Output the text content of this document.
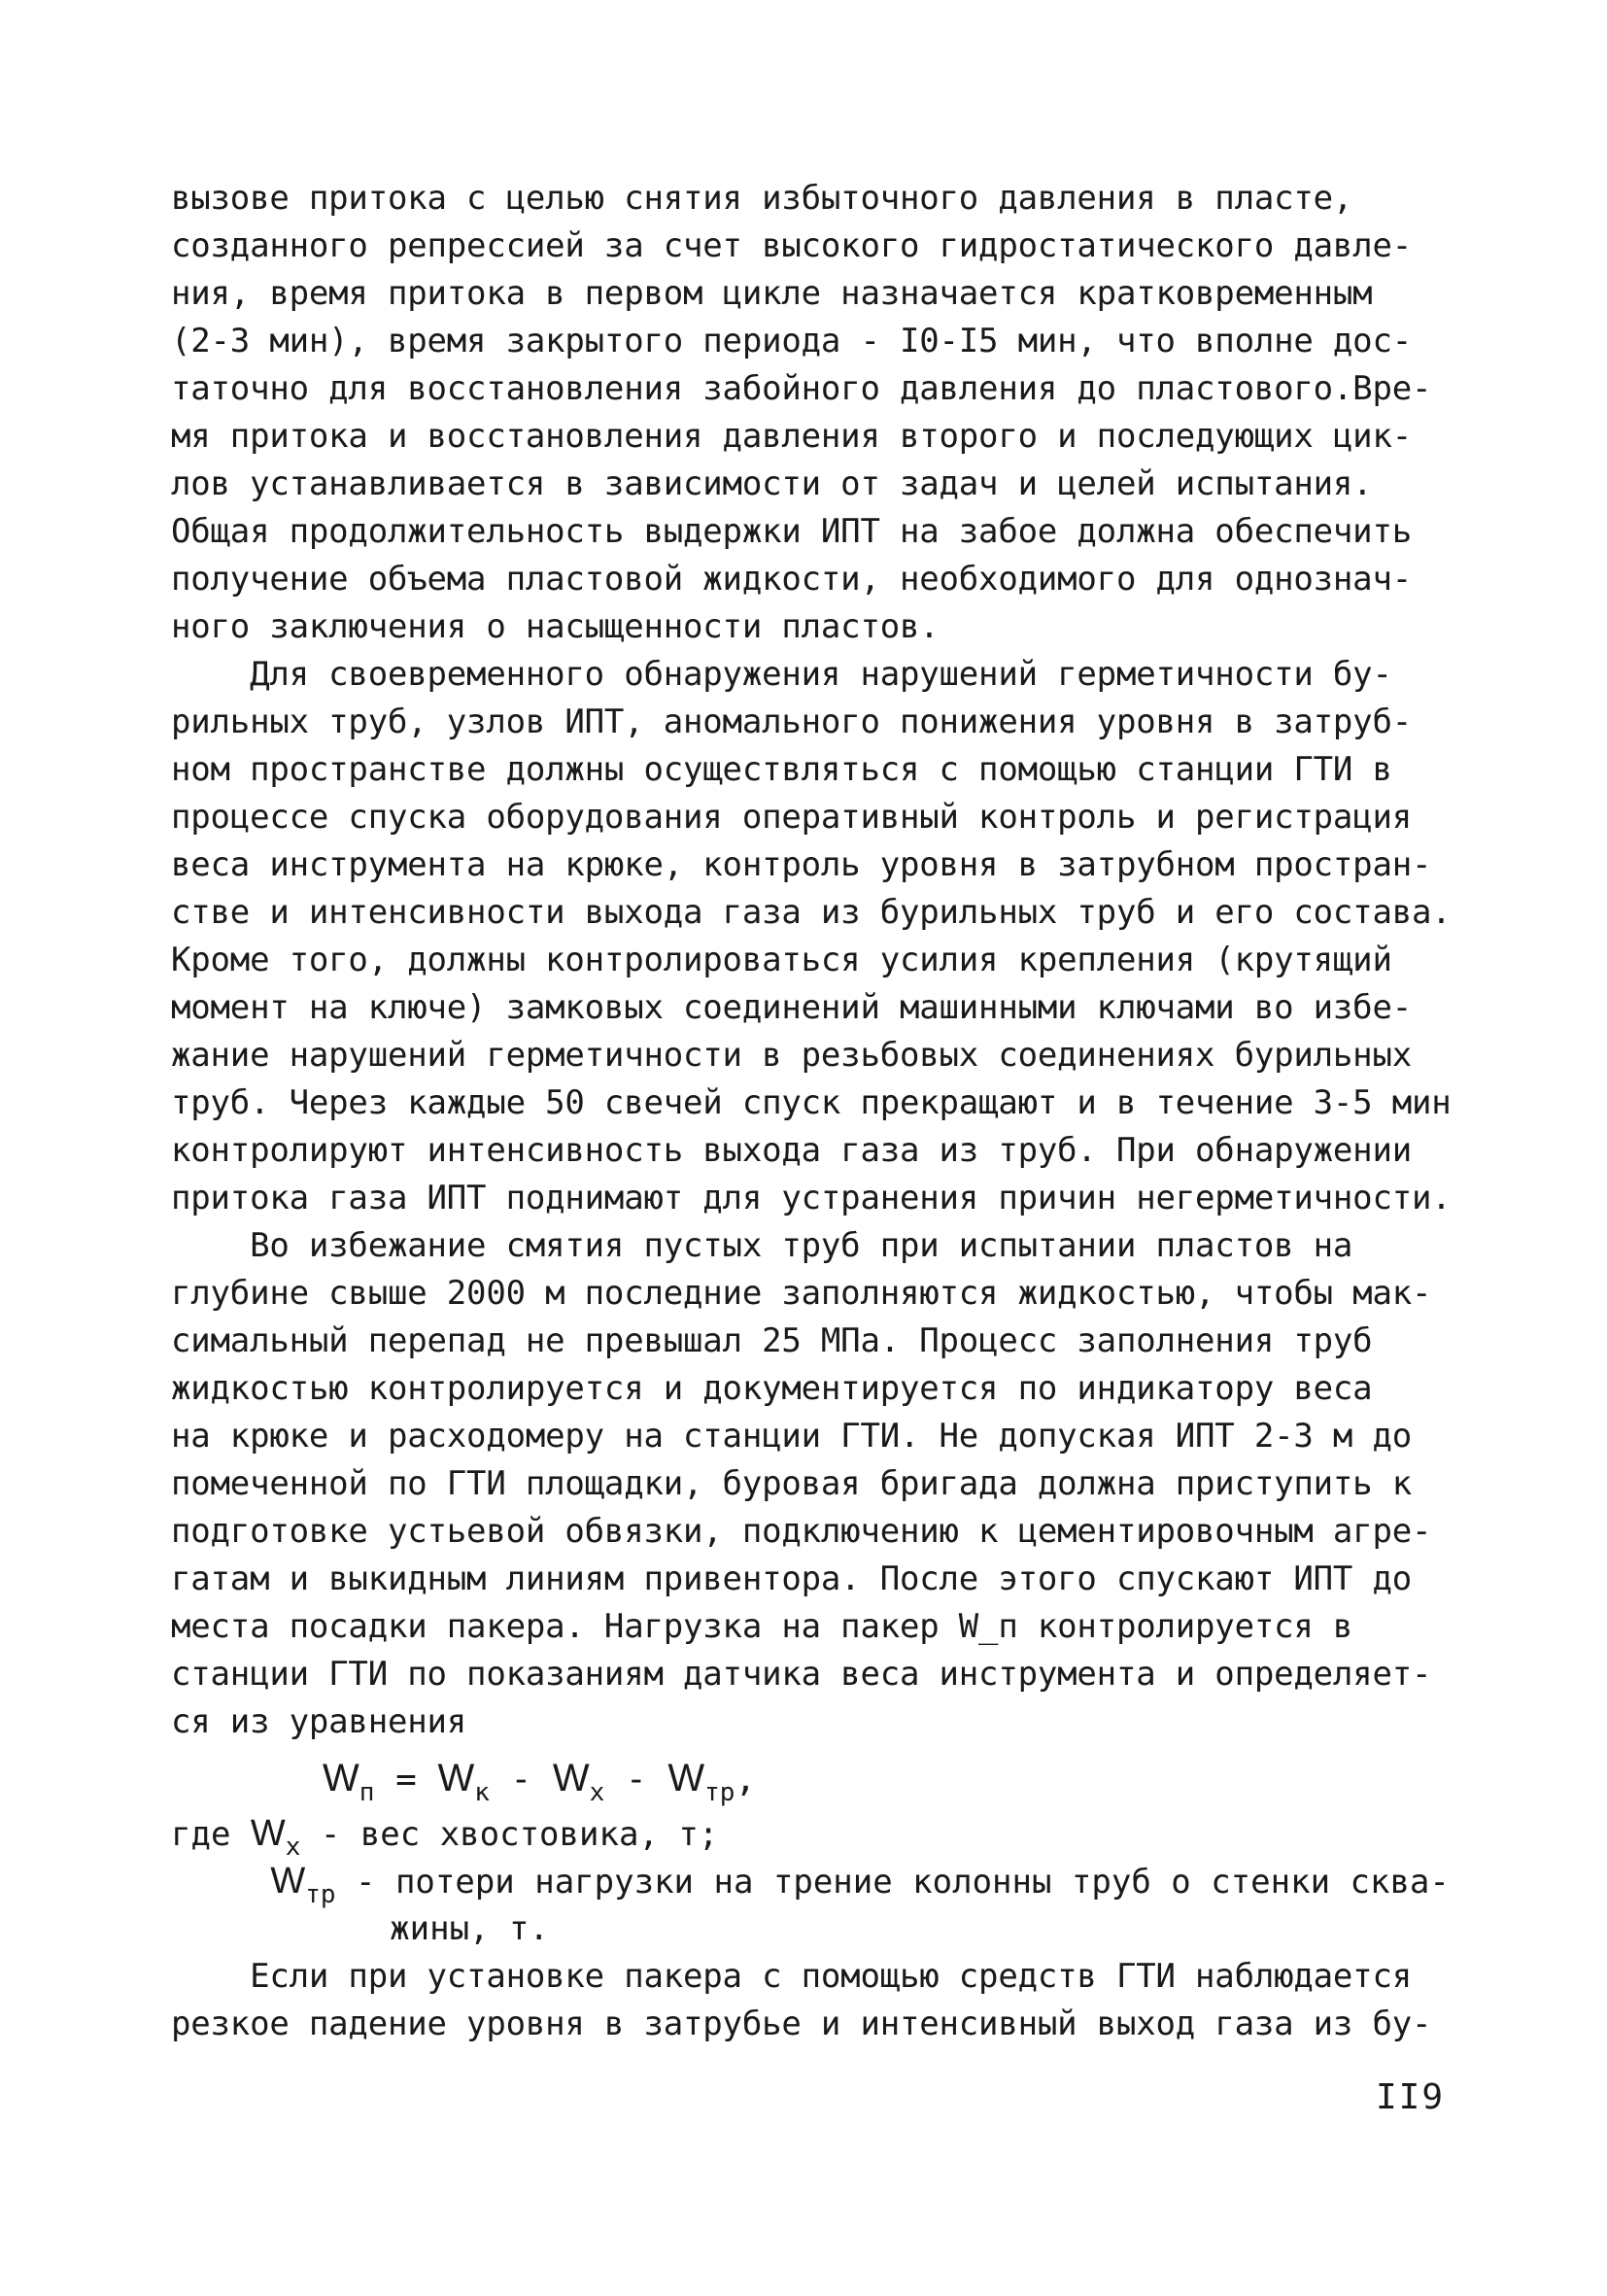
вызове притока с целью снятия избыточного давления в пласте,
созданного репрессией за счет высокого гидростатического давле-
ния, время притока в первом цикле назначается кратковременным
(2-3 мин), время закрытого периода - I0-I5 мин, что вполне дос-
таточно для восстановления забойного давления до пластового.Вре-
мя притока и восстановления давления второго и последующих цик-
лов устанавливается в зависимости от задач и целей испытания.
Общая продолжительность выдержки ИПТ на забое должна обеспечить
получение объема пластовой жидкости, необходимого для однознач-
ного заключения о насыщенности пластов.
Для своевременного обнаружения нарушений герметичности бу-
рильных труб, узлов ИПТ, аномального понижения уровня в затруб-
ном пространстве должны осуществляться с помощью станции ГТИ в
процессе спуска оборудования оперативный контроль и регистрация
веса инструмента на крюке, контроль уровня в затрубном простран-
стве и интенсивности выхода газа из бурильных труб и его состава.
Кроме того, должны контролироваться усилия крепления (крутящий
момент на ключе) замковых соединений машинными ключами во избе-
жание нарушений герметичности в резьбовых соединениях бурильных
труб. Через каждые 50 свечей спуск прекращают и в течение 3-5 мин
контролируют интенсивность выхода газа из труб. При обнаружении
притока газа ИПТ поднимают для устранения причин негерметичности.
Во избежание смятия пустых труб при испытании пластов на
глубине свыше 2000 м последние заполняются жидкостью, чтобы мак-
симальный перепад не превышал 25 МПа. Процесс заполнения труб
жидкостью контролируется и документируется по индикатору веса
на крюке и расходомеру на станции ГТИ. Не допуская ИПТ 2-3 м до
помеченной по ГТИ площадки, буровая бригада должна приступить к
подготовке устьевой обвязки, подключению к цементировочным агре-
гатам и выкидным линиям привентора. После этого спускают ИПТ до
места посадки пакера. Нагрузка на пакер W_п контролируется в
станции ГТИ по показаниям датчика веса инструмента и определяет-
ся из уравнения
$W_п = W_к - W_х - W_{тр}$,
где $W_х$ - вес хвостовика, т;
$W_{тр}$ - потери нагрузки на трение колонны труб о стенки сква-
жины, т.
Если при установке пакера с помощью средств ГТИ наблюдается
резкое падение уровня в затрубье и интенсивный выход газа из бу-
II9
